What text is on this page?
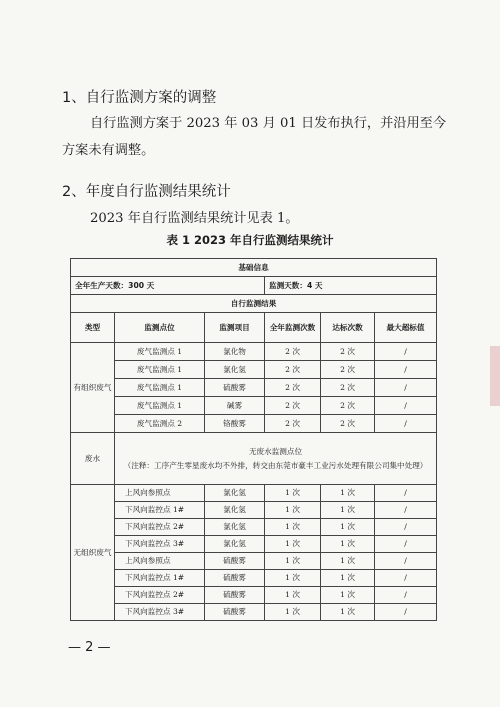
1、自行监测方案的调整
自行监测方案于 2023 年 03 月 01 日发布执行，并沿用至今方案未有调整。
2、年度自行监测结果统计
2023 年自行监测结果统计见表 1。
表 1 2023 年自行监测结果统计
基础信息					
全年生产天数：300 天			监测天数：4 天		
自行监测结果					
类型	监测点位	监测项目	全年监测次数	达标次数	最大超标值
有组织废气	废气监测点 1	氯化物	2 次	2 次	/
	废气监测点 1	氯化氢	2 次	2 次	/
	废气监测点 1	硫酸雾	2 次	2 次	/
	废气监测点 1	碱雾	2 次	2 次	/
	废气监测点 2	铬酸雾	2 次	2 次	/
废水	无废水监测点位
（注释：工序产生零星废水均不外排，转交由东莞市豪丰工业污水处理有限公司集中处理）				

无组织废气	上风向参照点	氯化氢	1 次	1 次	/
	下风向监控点 1#	氯化氢	1 次	1 次	/
	下风向监控点 2#	氯化氢	1 次	1 次	/
	下风向监控点 3#	氯化氢	1 次	1 次	/
	上风向参照点	硫酸雾	1 次	1 次	/
	下风向监控点 1#	硫酸雾	1 次	1 次	/
	下风向监控点 2#	硫酸雾	1 次	1 次	/
	下风向监控点 3#	硫酸雾	1 次	1 次	/
— 2 —
